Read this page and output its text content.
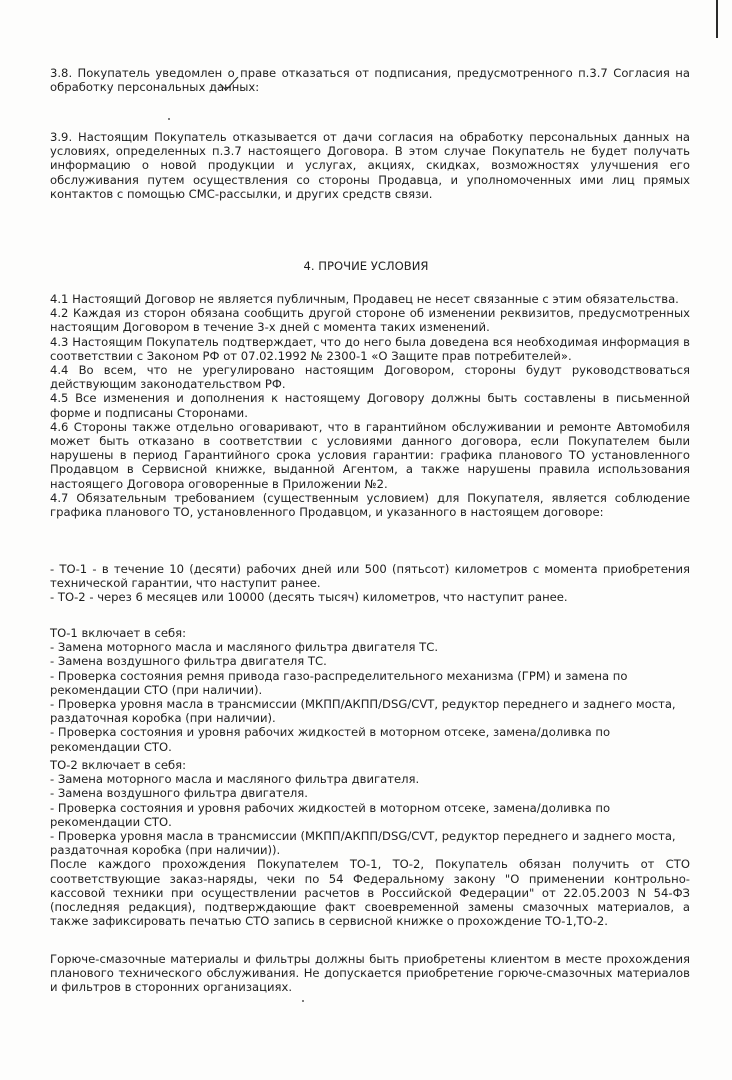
3.8. Покупатель уведомлен о праве отказаться от подписания, предусмотренного п.3.7 Согласия на обработку персональных данных:

3.9. Настоящим Покупатель отказывается от дачи согласия на обработку персональных данных на условиях, определенных п.3.7 настоящего Договора. В этом случае Покупатель не будет получать информацию о новой продукции и услугах, акциях, скидках, возможностях улучшения его обслуживания путем осуществления со стороны Продавца, и уполномоченных ими лиц прямых контактов с помощью СМС-рассылки, и других средств связи.

4. ПРОЧИЕ УСЛОВИЯ

4.1 Настоящий Договор не является публичным, Продавец не несет связанные с этим обязательства.

4.2 Каждая из сторон обязана сообщить другой стороне об изменении реквизитов, предусмотренных настоящим Договором в течение 3-х дней с момента таких изменений.

4.3 Настоящим Покупатель подтверждает, что до него была доведена вся необходимая информация в соответствии с Законом РФ от 07.02.1992 № 2300-1 «О Защите прав потребителей».

4.4 Во всем, что не урегулировано настоящим Договором, стороны будут руководствоваться действующим законодательством РФ.

4.5 Все изменения и дополнения к настоящему Договору должны быть составлены в письменной форме и подписаны Сторонами.

4.6 Стороны также отдельно оговаривают, что в гарантийном обслуживании и ремонте Автомобиля может быть отказано в соответствии с условиями данного договора, если Покупателем были нарушены в период Гарантийного срока условия гарантии: графика планового ТО установленного Продавцом в Сервисной книжке, выданной Агентом, а также нарушены правила использования настоящего Договора оговоренные в Приложении №2.

4.7 Обязательным требованием (существенным условием) для Покупателя, является соблюдение графика планового ТО, установленного Продавцом, и указанного в настоящем договоре:

- ТО-1 - в течение 10 (десяти) рабочих дней или 500 (пятьсот) километров с момента приобретения технической гарантии, что наступит ранее.

- ТО-2 - через 6 месяцев или 10000 (десять тысяч) километров, что наступит ранее.

ТО-1 включает в себя:

- Замена моторного масла и масляного фильтра двигателя ТС.
- Замена воздушного фильтра двигателя ТС.
- Проверка состояния ремня привода газо-распределительного механизма (ГРМ) и замена по рекомендации СТО (при наличии).
- Проверка уровня масла в трансмиссии (МКПП/АКПП/DSG/CVT, редуктор переднего и заднего моста, раздаточная коробка (при наличии).
- Проверка состояния и уровня рабочих жидкостей в моторном отсеке, замена/доливка по рекомендации СТО.

ТО-2 включает в себя:

- Замена моторного масла и масляного фильтра двигателя.
- Замена воздушного фильтра двигателя.
- Проверка состояния и уровня рабочих жидкостей в моторном отсеке, замена/доливка по рекомендации СТО.
- Проверка уровня масла в трансмиссии (МКПП/АКПП/DSG/CVT, редуктор переднего и заднего моста, раздаточная коробка (при наличии)).

После каждого прохождения Покупателем ТО-1, ТО-2, Покупатель обязан получить от СТО соответствующие заказ-наряды, чеки по 54 Федеральному закону "О применении контрольно-кассовой техники при осуществлении расчетов в Российской Федерации" от 22.05.2003 N 54-ФЗ (последняя редакция), подтверждающие факт своевременной замены смазочных материалов, а также зафиксировать печатью СТО запись в сервисной книжке о прохождение ТО-1,ТО-2.

Горюче-смазочные материалы и фильтры должны быть приобретены клиентом в месте прохождения планового технического обслуживания. Не допускается приобретение горюче-смазочных материалов и фильтров в сторонних организациях.
